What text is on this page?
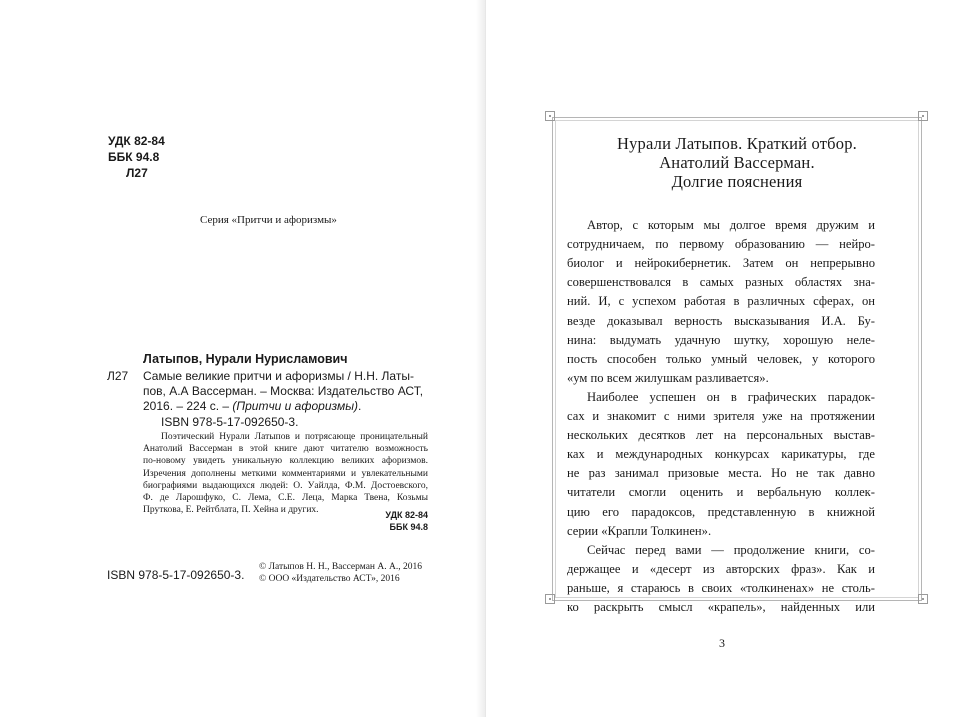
УДК 82-84
ББК 94.8
Л27
Серия «Притчи и афоризмы»
Латыпов, Нурали Нурисламович
Л27 Самые великие притчи и афоризмы / Н.Н. Латы-
пов, А.А Вассерман. – Москва: Издательство АСТ,
2016. – 224 с. – (Притчи и афоризмы).
ISBN 978-5-17-092650-3.
Поэтический Нурали Латыпов и потрясающе проницательный
Анатолий Вассерман в этой книге дают читателю возможность
по-новому увидеть уникальную коллекцию великих афоризмов.
Изречения дополнены меткими комментариями и увлекательными
биографиями выдающихся людей: О. Уайлда, Ф.М. Достоевского,
Ф. де Ларошфуко, С. Лема, С.Е. Леца, Марка Твена, Козьмы
Пруткова, Е. Рейтблата, П. Хейна и других.	УДК 82-84
ББК 94.8
© Латыпов Н. Н., Вассерман А. А., 2016
© ООО «Издательство АСТ», 2016
ISBN 978-5-17-092650-3.
Нурали Латыпов. Краткий отбор.
Анатолий Вассерман.
Долгие пояснения
Автор, с которым мы долгое время дружим и
сотрудничаем, по первому образованию — нейро-
биолог и нейрокибернетик. Затем он непрерывно
совершенствовался в самых разных областях зна-
ний. И, с успехом работая в различных сферах, он
везде доказывал верность высказывания И.А. Бу-
нина: выдумать удачную шутку, хорошую неле-
пость способен только умный человек, у которого
«ум по всем жилушкам разливается».
Наиболее успешен он в графических парадок-
сах и знакомит с ними зрителя уже на протяжении
нескольких десятков лет на персональных выстав-
ках и международных конкурсах карикатуры, где
не раз занимал призовые места. Но не так давно
читатели смогли оценить и вербальную коллек-
цию его парадоксов, представленную в книжной
серии «Крапли Толкинен».
Сейчас перед вами — продолжение книги, со-
держащее и «десерт из авторских фраз». Как и
раньше, я стараюсь в своих «толкиненах» не столь-
ко раскрыть смысл «крапель», найденных или
3
